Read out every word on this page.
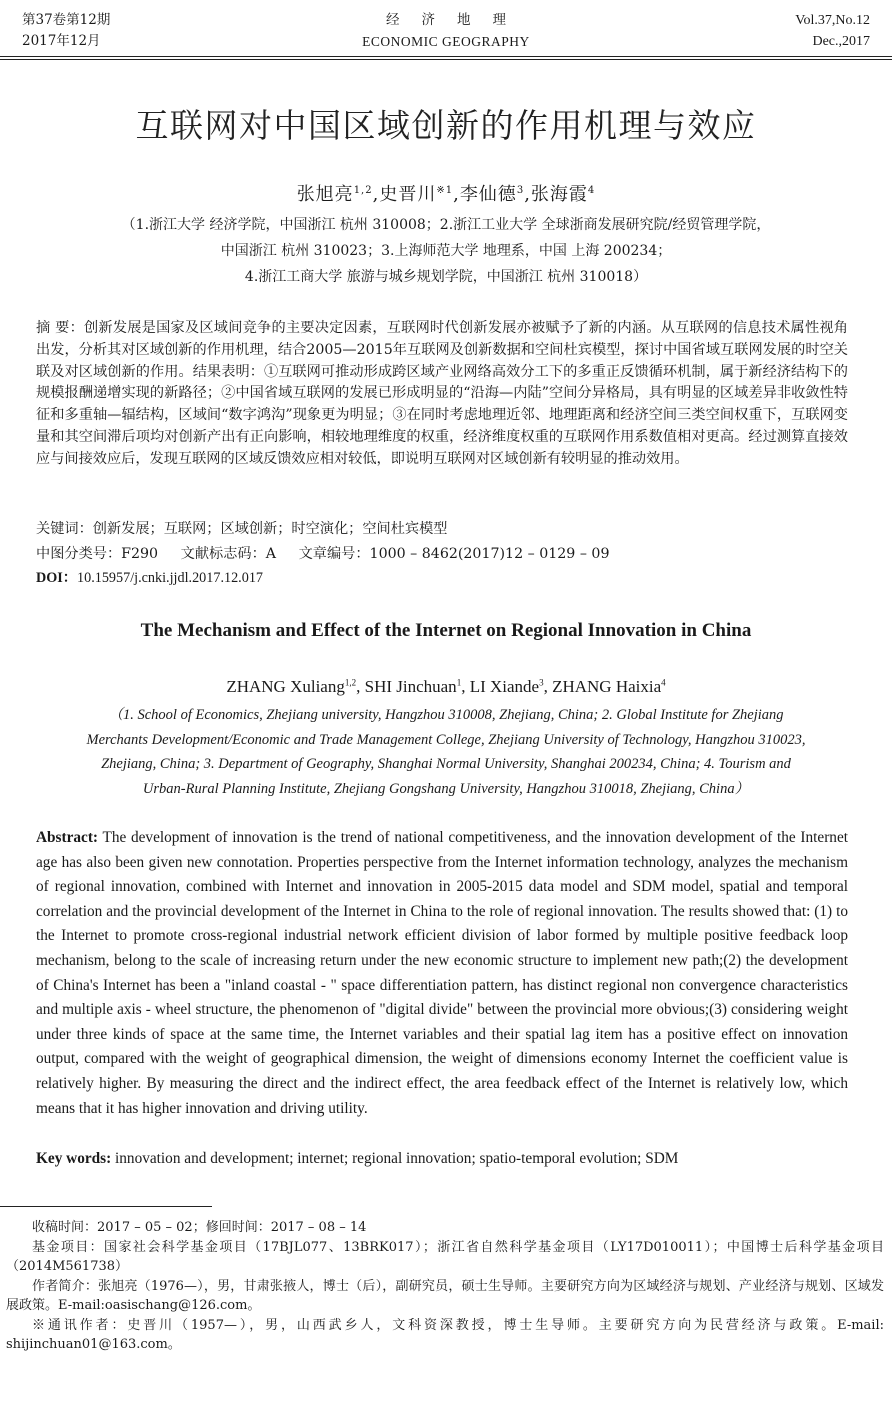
第37卷第12期
2017年12月
经济地理
ECONOMIC GEOGRAPHY
Vol.37,No.12
Dec.,2017
互联网对中国区域创新的作用机理与效应
张旭亮$^{1,2}$,史晋川$^{※1}$,李仙德$^3$,张海霞$^4$
（1.浙江大学 经济学院，中国浙江 杭州 310008；2.浙江工业大学 全球浙商发展研究院/经贸管理学院，
中国浙江 杭州 310023；3.上海师范大学 地理系，中国 上海 200234；
4.浙江工商大学 旅游与城乡规划学院，中国浙江 杭州 310018）
摘 要：创新发展是国家及区域间竞争的主要决定因素，互联网时代创新发展亦被赋予了新的内涵。从互联网的信息技术属性视角出发，分析其对区域创新的作用机理，结合2005—2015年互联网及创新数据和空间杜宾模型，探讨中国省域互联网发展的时空关联及对区域创新的作用。结果表明：①互联网可推动形成跨区域产业网络高效分工下的多重正反馈循环机制，属于新经济结构下的规模报酬递增实现的新路径；②中国省域互联网的发展已形成明显的“沿海—内陆”空间分异格局，具有明显的区域差异非收敛性特征和多重轴—辐结构，区域间“数字鸿沟”现象更为明显；③在同时考虑地理近邻、地理距离和经济空间三类空间权重下，互联网变量和其空间滞后项均对创新产出有正向影响，相较地理维度的权重，经济维度权重的互联网作用系数值相对更高。经过测算直接效应与间接效应后，发现互联网的区域反馈效应相对较低，即说明互联网对区域创新有较明显的推动效用。
关键词：创新发展；互联网；区域创新；时空演化；空间杜宾模型
中图分类号：F290 文献标志码：A 文章编号：1000 – 8462(2017)12 – 0129 – 09
DOI：10.15957/j.cnki.jjdl.2017.12.017
The Mechanism and Effect of the Internet on Regional Innovation in China
ZHANG Xuliang$^{1,2}$, SHI Jinchuan$^1$, LI Xiande$^3$, ZHANG Haixia$^4$
（1. School of Economics, Zhejiang university, Hangzhou 310008, Zhejiang, China; 2. Global Institute for Zhejiang
Merchants Development/Economic and Trade Management College, Zhejiang University of Technology, Hangzhou 310023,
Zhejiang, China; 3. Department of Geography, Shanghai Normal University, Shanghai 200234, China; 4. Tourism and
Urban-Rural Planning Institute, Zhejiang Gongshang University, Hangzhou 310018, Zhejiang, China）
Abstract: The development of innovation is the trend of national competitiveness, and the innovation development of the Internet age has also been given new connotation. Properties perspective from the Internet information technology, analyzes the mechanism of regional innovation, combined with Internet and innovation in 2005-2015 data model and SDM model, spatial and temporal correlation and the provincial development of the Internet in China to the role of regional innovation. The results showed that: (1) to the Internet to promote cross-regional industrial network efficient division of labor formed by multiple positive feedback loop mechanism, belong to the scale of increasing return under the new economic structure to implement new path;(2) the development of China's Internet has been a "inland coastal - " space differentiation pattern, has distinct regional non convergence characteristics and multiple axis - wheel structure, the phenomenon of "digital divide" between the provincial more obvious;(3) considering weight under three kinds of space at the same time, the Internet variables and their spatial lag item has a positive effect on innovation output, compared with the weight of geographical dimension, the weight of dimensions economy Internet the coefficient value is relatively higher. By measuring the direct and the indirect effect, the area feedback effect of the Internet is relatively low, which means that it has higher innovation and driving utility.
Key words: innovation and development; internet; regional innovation; spatio-temporal evolution; SDM

收稿时间：2017 – 05 – 02；修回时间：2017 – 08 – 14

基金项目：国家社会科学基金项目（17BJL077、13BRK017）；浙江省自然科学基金项目（LY17D010011）；中国博士后科学基金项目（2014M561738）

作者简介：张旭亮（1976—），男，甘肃张掖人，博士（后），副研究员，硕士生导师。主要研究方向为区域经济与规划、产业经济与规划、区域发展政策。E-mail:oasischang@126.com。

※通讯作者：史晋川（1957—），男，山西武乡人，文科资深教授，博士生导师。主要研究方向为民营经济与政策。E-mail: shijinchuan01@163.com。
